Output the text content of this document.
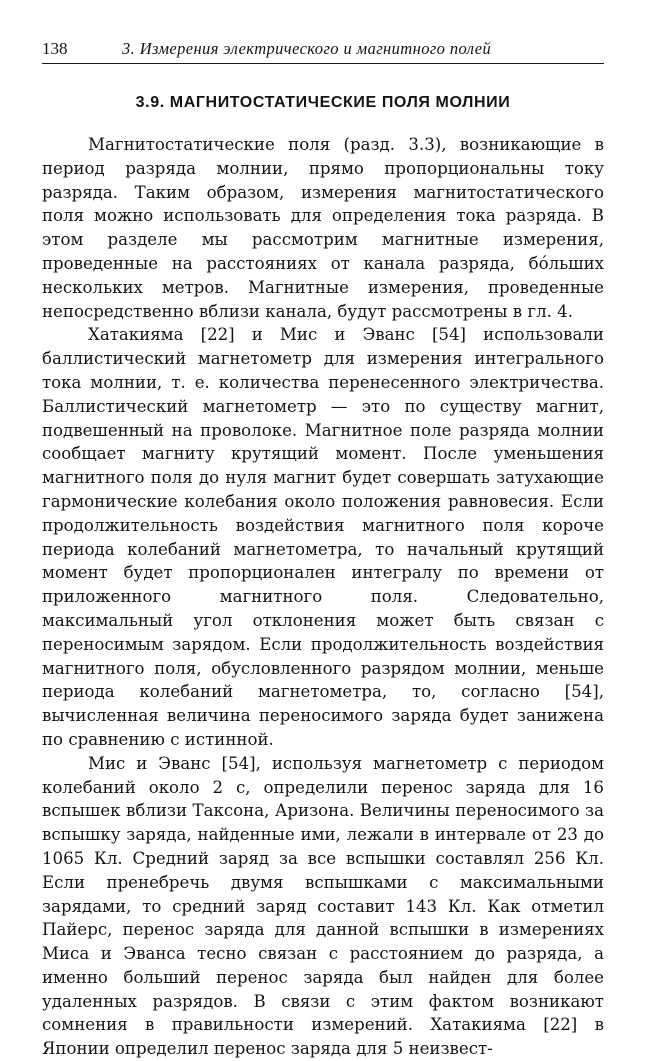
138	3. Измерения электрического и магнитного полей
3.9. МАГНИТОСТАТИЧЕСКИЕ ПОЛЯ МОЛНИИ

Магнитостатические поля (разд. 3.3), возникающие в период разряда молнии, прямо пропорциональны току разряда. Таким образом, измерения магнитостатического поля можно использовать для определения тока разряда. В этом разделе мы рассмотрим магнитные измерения, проведенные на расстояниях от канала разряда, бóльших нескольких метров. Магнитные измерения, проведенные непосредственно вблизи канала, будут рассмотрены в гл. 4.

Хатакияма [22] и Мис и Эванс [54] использовали баллистический магнетометр для измерения интегрального тока молнии, т. е. количества перенесенного электричества. Баллистический магнетометр — это по существу магнит, подвешенный на проволоке. Магнитное поле разряда молнии сообщает магниту крутящий момент. После уменьшения магнитного поля до нуля магнит будет совершать затухающие гармонические колебания около положения равновесия. Если продолжительность воздействия магнитного поля короче периода колебаний магнетометра, то начальный крутящий момент будет пропорционален интегралу по времени от приложенного магнитного поля. Следовательно, максимальный угол отклонения может быть связан с переносимым зарядом. Если продолжительность воздействия магнитного поля, обусловленного разрядом молнии, меньше периода колебаний магнетометра, то, согласно [54], вычисленная величина переносимого заряда будет занижена по сравнению с истинной.

Мис и Эванс [54], используя магнетометр с периодом колебаний около 2 с, определили перенос заряда для 16 вспышек вблизи Таксона, Аризона. Величины переносимого за вспышку заряда, найденные ими, лежали в интервале от 23 до 1065 Кл. Средний заряд за все вспышки составлял 256 Кл. Если пренебречь двумя вспышками с максимальными зарядами, то средний заряд составит 143 Кл. Как отметил Пайерс, перенос заряда для данной вспышки в измерениях Миса и Эванса тесно связан с расстоянием до разряда, а именно больший перенос заряда был найден для более удаленных разрядов. В связи с этим фактом возникают сомнения в правильности измерений. Хатакияма [22] в Японии определил перенос заряда для 5 неизвест-
